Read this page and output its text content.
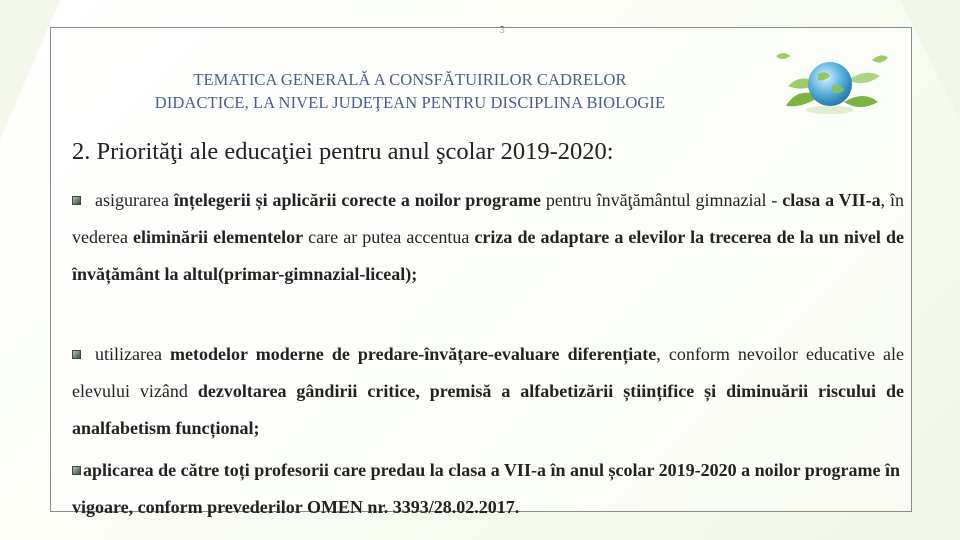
TEMATICA GENERALĂ A CONSFĂTUIRILOR CADRELOR
DIDACTICE, LA NIVEL JUDEŢEAN PENTRU DISCIPLINA BIOLOGIE
2. Priorităţi ale educaţiei pentru anul şcolar 2019-2020:
asigurarea înțelegerii și aplicării corecte a noilor programe pentru învăţământul gimnazial - clasa a VII-a, în vederea eliminării elementelor care ar putea accentua criza de adaptare a elevilor la trecerea de la un nivel de învățământ la altul(primar-gimnazial-liceal);
utilizarea metodelor moderne de predare-învățare-evaluare diferențiate, conform nevoilor educative ale elevului vizând dezvoltarea gândirii critice, premisă a alfabetizării științifice și diminuării riscului de analfabetism funcțional;
aplicarea de către toți profesorii care predau la clasa a VII-a în anul școlar 2019-2020 a noilor programe în vigoare, conform prevederilor OMEN nr. 3393/28.02.2017.
